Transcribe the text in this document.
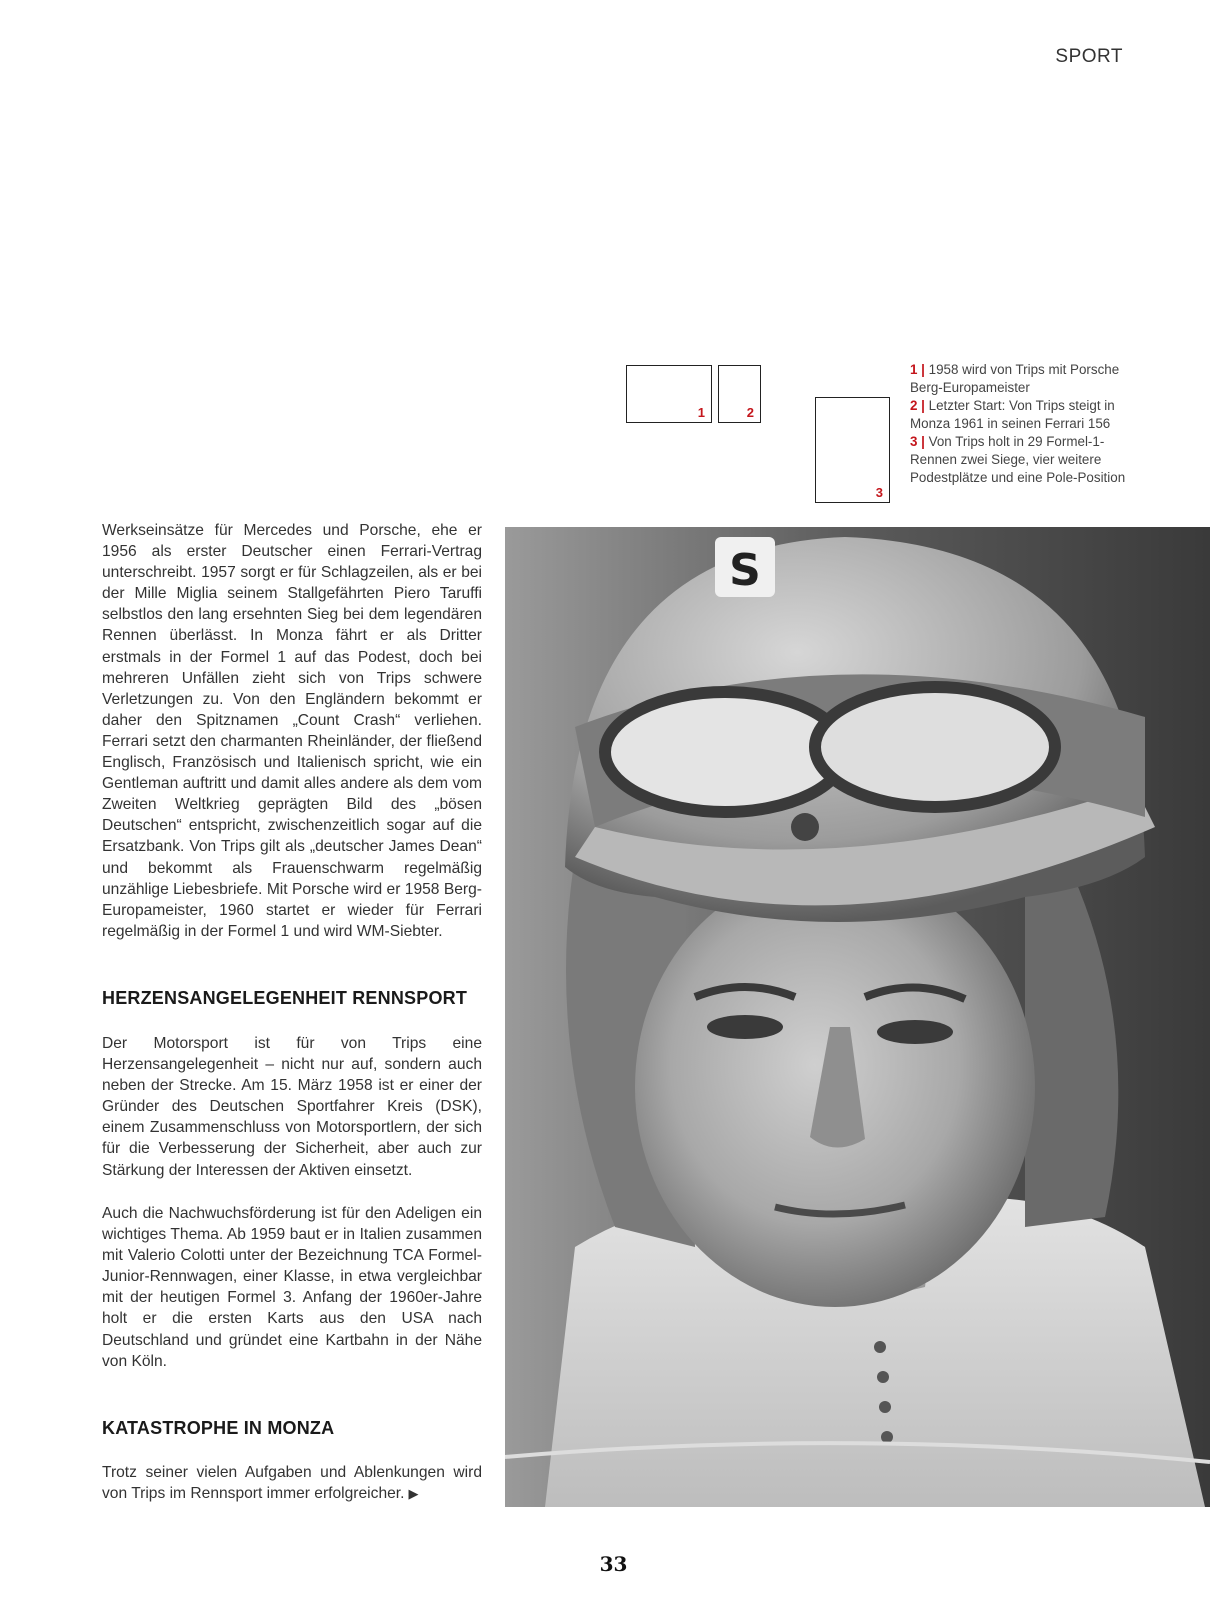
SPORT
1	2
3
1 | 1958 wird von Trips mit Porsche Berg-Europameister
2 | Letzter Start: Von Trips steigt in Monza 1961 in seinen Ferrari 156
3 | Von Trips holt in 29 Formel-1-Rennen zwei Siege, vier weitere Podestplätze und eine Pole-Position

Werkseinsätze für Mercedes und Porsche, ehe er 1956 als erster Deutscher einen Ferrari-Vertrag unterschreibt. 1957 sorgt er für Schlagzeilen, als er bei der Mille Miglia seinem Stallgefährten Piero Taruffi selbstlos den lang ersehnten Sieg bei dem legendären Rennen überlässt. In Monza fährt er als Dritter erstmals in der Formel 1 auf das Podest, doch bei mehreren Unfällen zieht sich von Trips schwere Verletzungen zu. Von den Engländern bekommt er daher den Spitznamen „Count Crash“ verliehen. Ferrari setzt den charmanten Rheinländer, der fließend Englisch, Französisch und Italienisch spricht, wie ein Gentleman auftritt und damit alles andere als dem vom Zweiten Weltkrieg geprägten Bild des „bösen Deutschen“ entspricht, zwischenzeitlich sogar auf die Ersatzbank. Von Trips gilt als „deutscher James Dean“ und bekommt als Frauenschwarm regelmäßig unzählige Liebesbriefe. Mit Porsche wird er 1958 Berg-Europameister, 1960 startet er wieder für Ferrari regelmäßig in der Formel 1 und wird WM-Siebter.

HERZENSANGELEGENHEIT RENNSPORT

Der Motorsport ist für von Trips eine Herzensangelegenheit – nicht nur auf, sondern auch neben der Strecke. Am 15. März 1958 ist er einer der Gründer des Deutschen Sportfahrer Kreis (DSK), einem Zusammenschluss von Motorsportlern, der sich für die Verbesserung der Sicherheit, aber auch zur Stärkung der Interessen der Aktiven einsetzt.

Auch die Nachwuchsförderung ist für den Adeligen ein wichtiges Thema. Ab 1959 baut er in Italien zusammen mit Valerio Colotti unter der Bezeichnung TCA Formel-Junior-Rennwagen, einer Klasse, in etwa vergleichbar mit der heutigen Formel 3. Anfang der 1960er-Jahre holt er die ersten Karts aus den USA nach Deutschland und gründet eine Kartbahn in der Nähe von Köln.

KATASTROPHE IN MONZA

Trotz seiner vielen Aufgaben und Ablenkungen wird von Trips im Rennsport immer erfolgreicher. ▶

S
33
